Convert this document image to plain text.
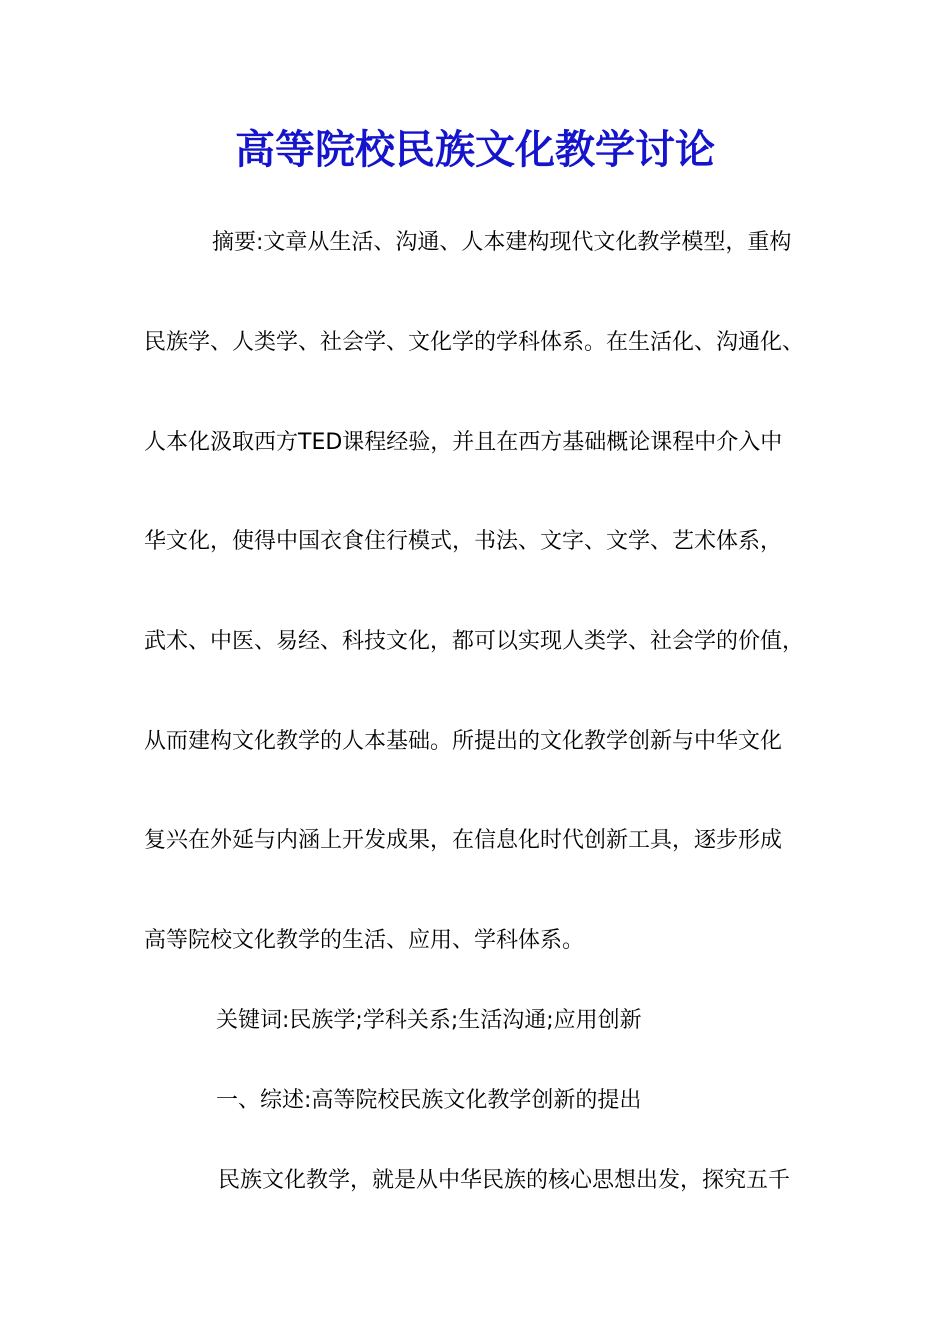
高等院校民族文化教学讨论

摘要:文章从生活、沟通、人本建构现代文化教学模型，重构

民族学、人类学、社会学、文化学的学科体系。在生活化、沟通化、

人本化汲取西方TED课程经验，并且在西方基础概论课程中介入中

华文化，使得中国衣食住行模式，书法、文字、文学、艺术体系，

武术、中医、易经、科技文化，都可以实现人类学、社会学的价值，

从而建构文化教学的人本基础。所提出的文化教学创新与中华文化

复兴在外延与内涵上开发成果，在信息化时代创新工具，逐步形成

高等院校文化教学的生活、应用、学科体系。

关键词:民族学;学科关系;生活沟通;应用创新

一、综述:高等院校民族文化教学创新的提出

民族文化教学，就是从中华民族的核心思想出发，探究五千
